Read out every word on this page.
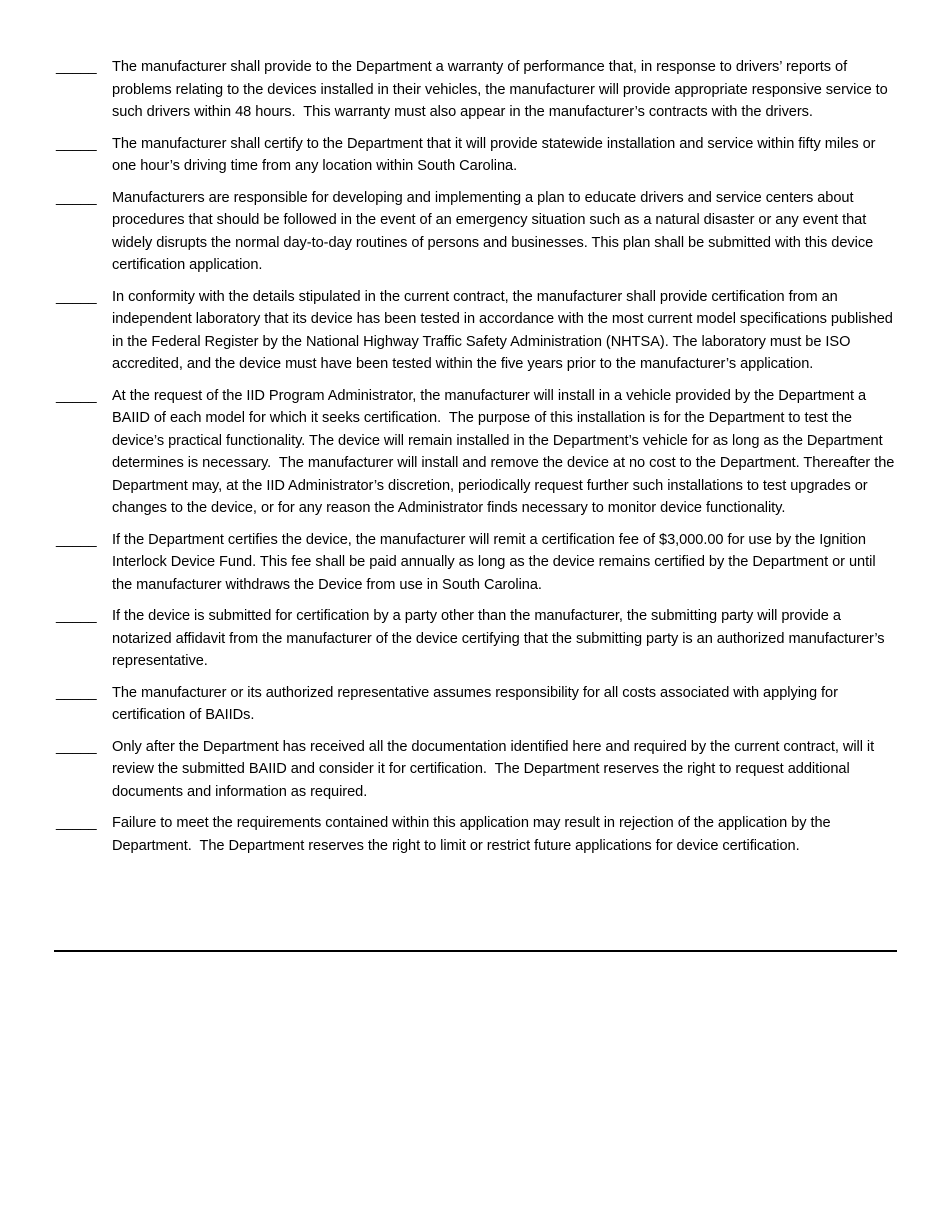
_____	The manufacturer shall provide to the Department a warranty of performance that, in response to drivers’ reports of problems relating to the devices installed in their vehicles, the manufacturer will provide appropriate responsive service to such drivers within 48 hours.  This warranty must also appear in the manufacturer’s contracts with the drivers.
_____	The manufacturer shall certify to the Department that it will provide statewide installation and service within fifty miles or one hour’s driving time from any location within South Carolina.
_____	Manufacturers are responsible for developing and implementing a plan to educate drivers and service centers about procedures that should be followed in the event of an emergency situation such as a natural disaster or any event that widely disrupts the normal day-to-day routines of persons and businesses. This plan shall be submitted with this device certification application.
_____	In conformity with the details stipulated in the current contract, the manufacturer shall provide certification from an independent laboratory that its device has been tested in accordance with the most current model specifications published in the Federal Register by the National Highway Traffic Safety Administration (NHTSA). The laboratory must be ISO accredited, and the device must have been tested within the five years prior to the manufacturer’s application.
_____	At the request of the IID Program Administrator, the manufacturer will install in a vehicle provided by the Department a BAIID of each model for which it seeks certification.  The purpose of this installation is for the Department to test the device’s practical functionality. The device will remain installed in the Department’s vehicle for as long as the Department determines is necessary.  The manufacturer will install and remove the device at no cost to the Department. Thereafter the Department may, at the IID Administrator’s discretion, periodically request further such installations to test upgrades or changes to the device, or for any reason the Administrator finds necessary to monitor device functionality.
_____	If the Department certifies the device, the manufacturer will remit a certification fee of $3,000.00 for use by the Ignition Interlock Device Fund. This fee shall be paid annually as long as the device remains certified by the Department or until the manufacturer withdraws the Device from use in South Carolina.
_____	If the device is submitted for certification by a party other than the manufacturer, the submitting party will provide a notarized affidavit from the manufacturer of the device certifying that the submitting party is an authorized manufacturer’s representative.
_____	The manufacturer or its authorized representative assumes responsibility for all costs associated with applying for certification of BAIIDs.
_____	Only after the Department has received all the documentation identified here and required by the current contract, will it review the submitted BAIID and consider it for certification.  The Department reserves the right to request additional documents and information as required.
_____	Failure to meet the requirements contained within this application may result in rejection of the application by the Department.  The Department reserves the right to limit or restrict future applications for device certification.
